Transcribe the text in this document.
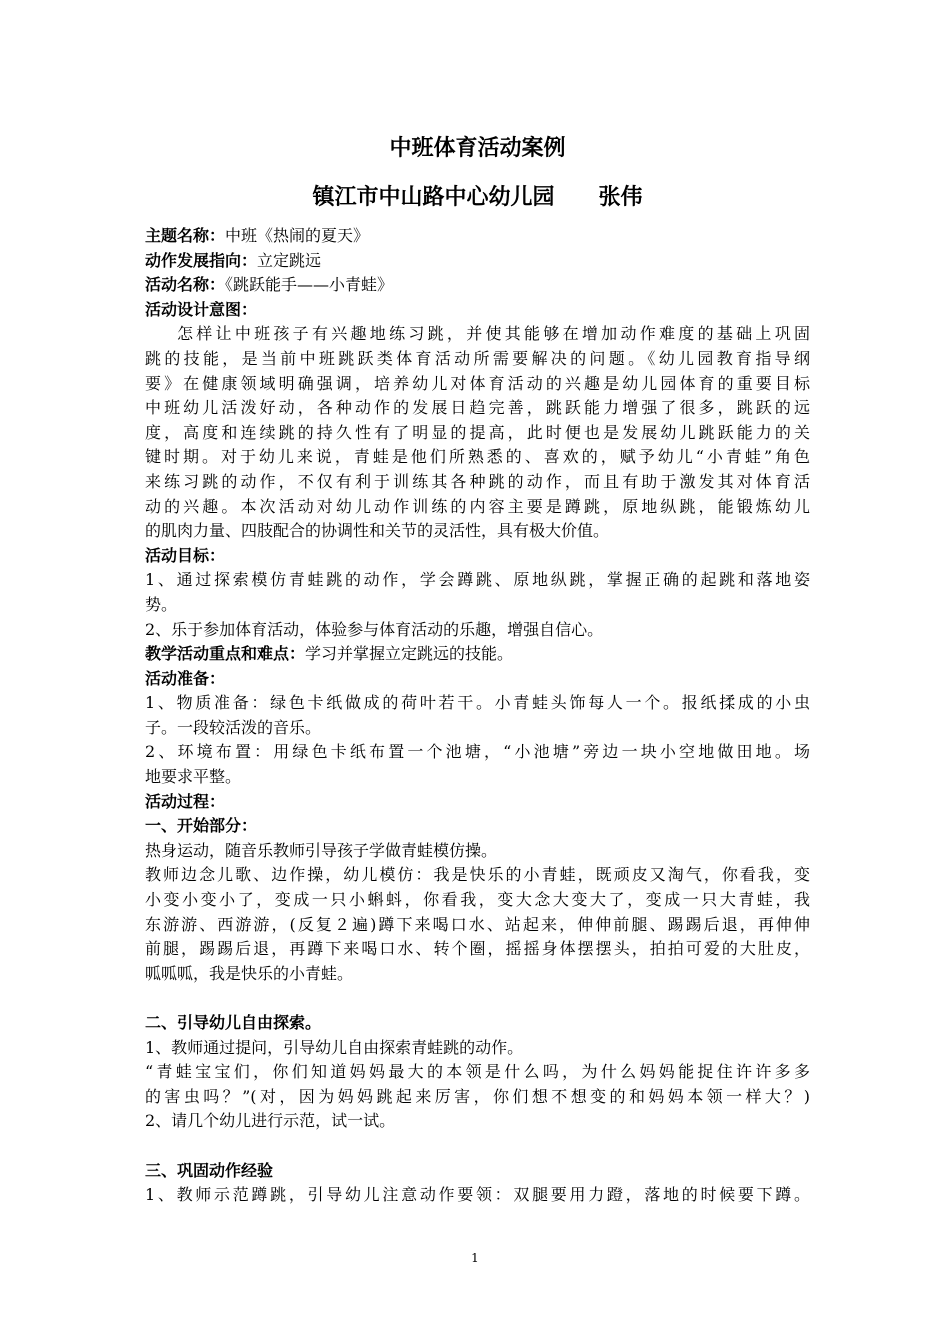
中班体育活动案例
镇江市中山路中心幼儿园 张伟
主题名称：中班《热闹的夏天》
动作发展指向：立定跳远
活动名称：《跳跃能手——小青蛙》
活动设计意图：
怎样让中班孩子有兴趣地练习跳，并使其能够在增加动作难度的基础上巩固
跳的技能，是当前中班跳跃类体育活动所需要解决的问题。《幼儿园教育指导纲
要》在健康领域明确强调，培养幼儿对体育活动的兴趣是幼儿园体育的重要目标
中班幼儿活泼好动，各种动作的发展日趋完善，跳跃能力增强了很多，跳跃的远
度，高度和连续跳的持久性有了明显的提高，此时便也是发展幼儿跳跃能力的关
键时期。对于幼儿来说，青蛙是他们所熟悉的、喜欢的，赋予幼儿“小青蛙”角色
来练习跳的动作，不仅有利于训练其各种跳的动作，而且有助于激发其对体育活
动的兴趣。本次活动对幼儿动作训练的内容主要是蹲跳，原地纵跳，能锻炼幼儿
的肌肉力量、四肢配合的协调性和关节的灵活性，具有极大价值。
活动目标：
1、通过探索模仿青蛙跳的动作，学会蹲跳、原地纵跳，掌握正确的起跳和落地姿
势。
2、乐于参加体育活动，体验参与体育活动的乐趣，增强自信心。
教学活动重点和难点：学习并掌握立定跳远的技能。
活动准备：
1、物质准备：绿色卡纸做成的荷叶若干。小青蛙头饰每人一个。报纸揉成的小虫
子。一段较活泼的音乐。
2、环境布置：用绿色卡纸布置一个池塘，“小池塘”旁边一块小空地做田地。场
地要求平整。
活动过程：
一、开始部分：
热身运动，随音乐教师引导孩子学做青蛙模仿操。
教师边念儿歌、边作操，幼儿模仿：我是快乐的小青蛙，既顽皮又淘气，你看我，变
小变小变小了，变成一只小蝌蚪，你看我，变大念大变大了，变成一只大青蛙，我
东游游、西游游，(反复２遍)蹲下来喝口水、站起来，伸伸前腿、踢踢后退，再伸伸
前腿，踢踢后退，再蹲下来喝口水、转个圈，摇摇身体摆摆头，拍拍可爱的大肚皮，
呱呱呱，我是快乐的小青蛙。
二、引导幼儿自由探索。
1、教师通过提问，引导幼儿自由探索青蛙跳的动作。
“青蛙宝宝们，你们知道妈妈最大的本领是什么吗，为什么妈妈能捉住许许多多
的害虫吗？”(对，因为妈妈跳起来厉害，你们想不想变的和妈妈本领一样大？)
2、请几个幼儿进行示范，试一试。
三、巩固动作经验
1、教师示范蹲跳，引导幼儿注意动作要领：双腿要用力蹬，落地的时候要下蹲。
1
